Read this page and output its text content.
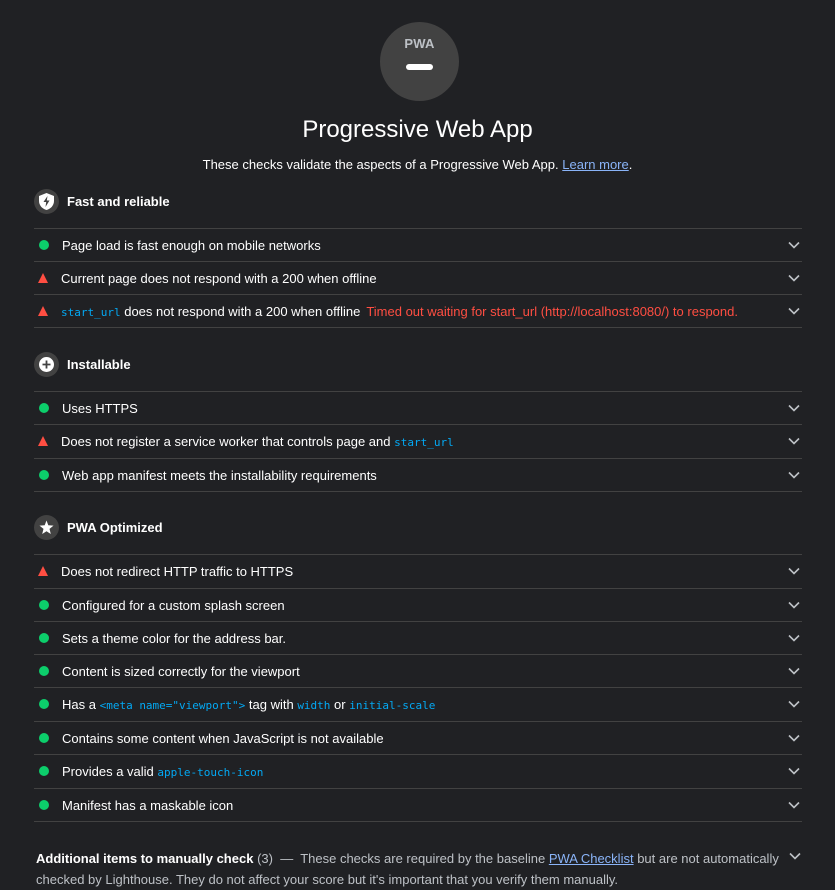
PWA
Progressive Web App
These checks validate the aspects of a Progressive Web App. Learn more.
Fast and reliable
Page load is fast enough on mobile networks
Current page does not respond with a 200 when offline
start_url does not respond with a 200 when offline Timed out waiting for start_url (http://localhost:8080/) to respond.
Installable
Uses HTTPS
Does not register a service worker that controls page and start_url
Web app manifest meets the installability requirements
PWA Optimized
Does not redirect HTTP traffic to HTTPS
Configured for a custom splash screen
Sets a theme color for the address bar.
Content is sized correctly for the viewport
Has a <meta name="viewport"> tag with width or initial-scale
Contains some content when JavaScript is not available
Provides a valid apple-touch-icon
Manifest has a maskable icon
Additional items to manually check (3) — These checks are required by the baseline PWA Checklist but are not automatically checked by Lighthouse. They do not affect your score but it's important that you verify them manually.
